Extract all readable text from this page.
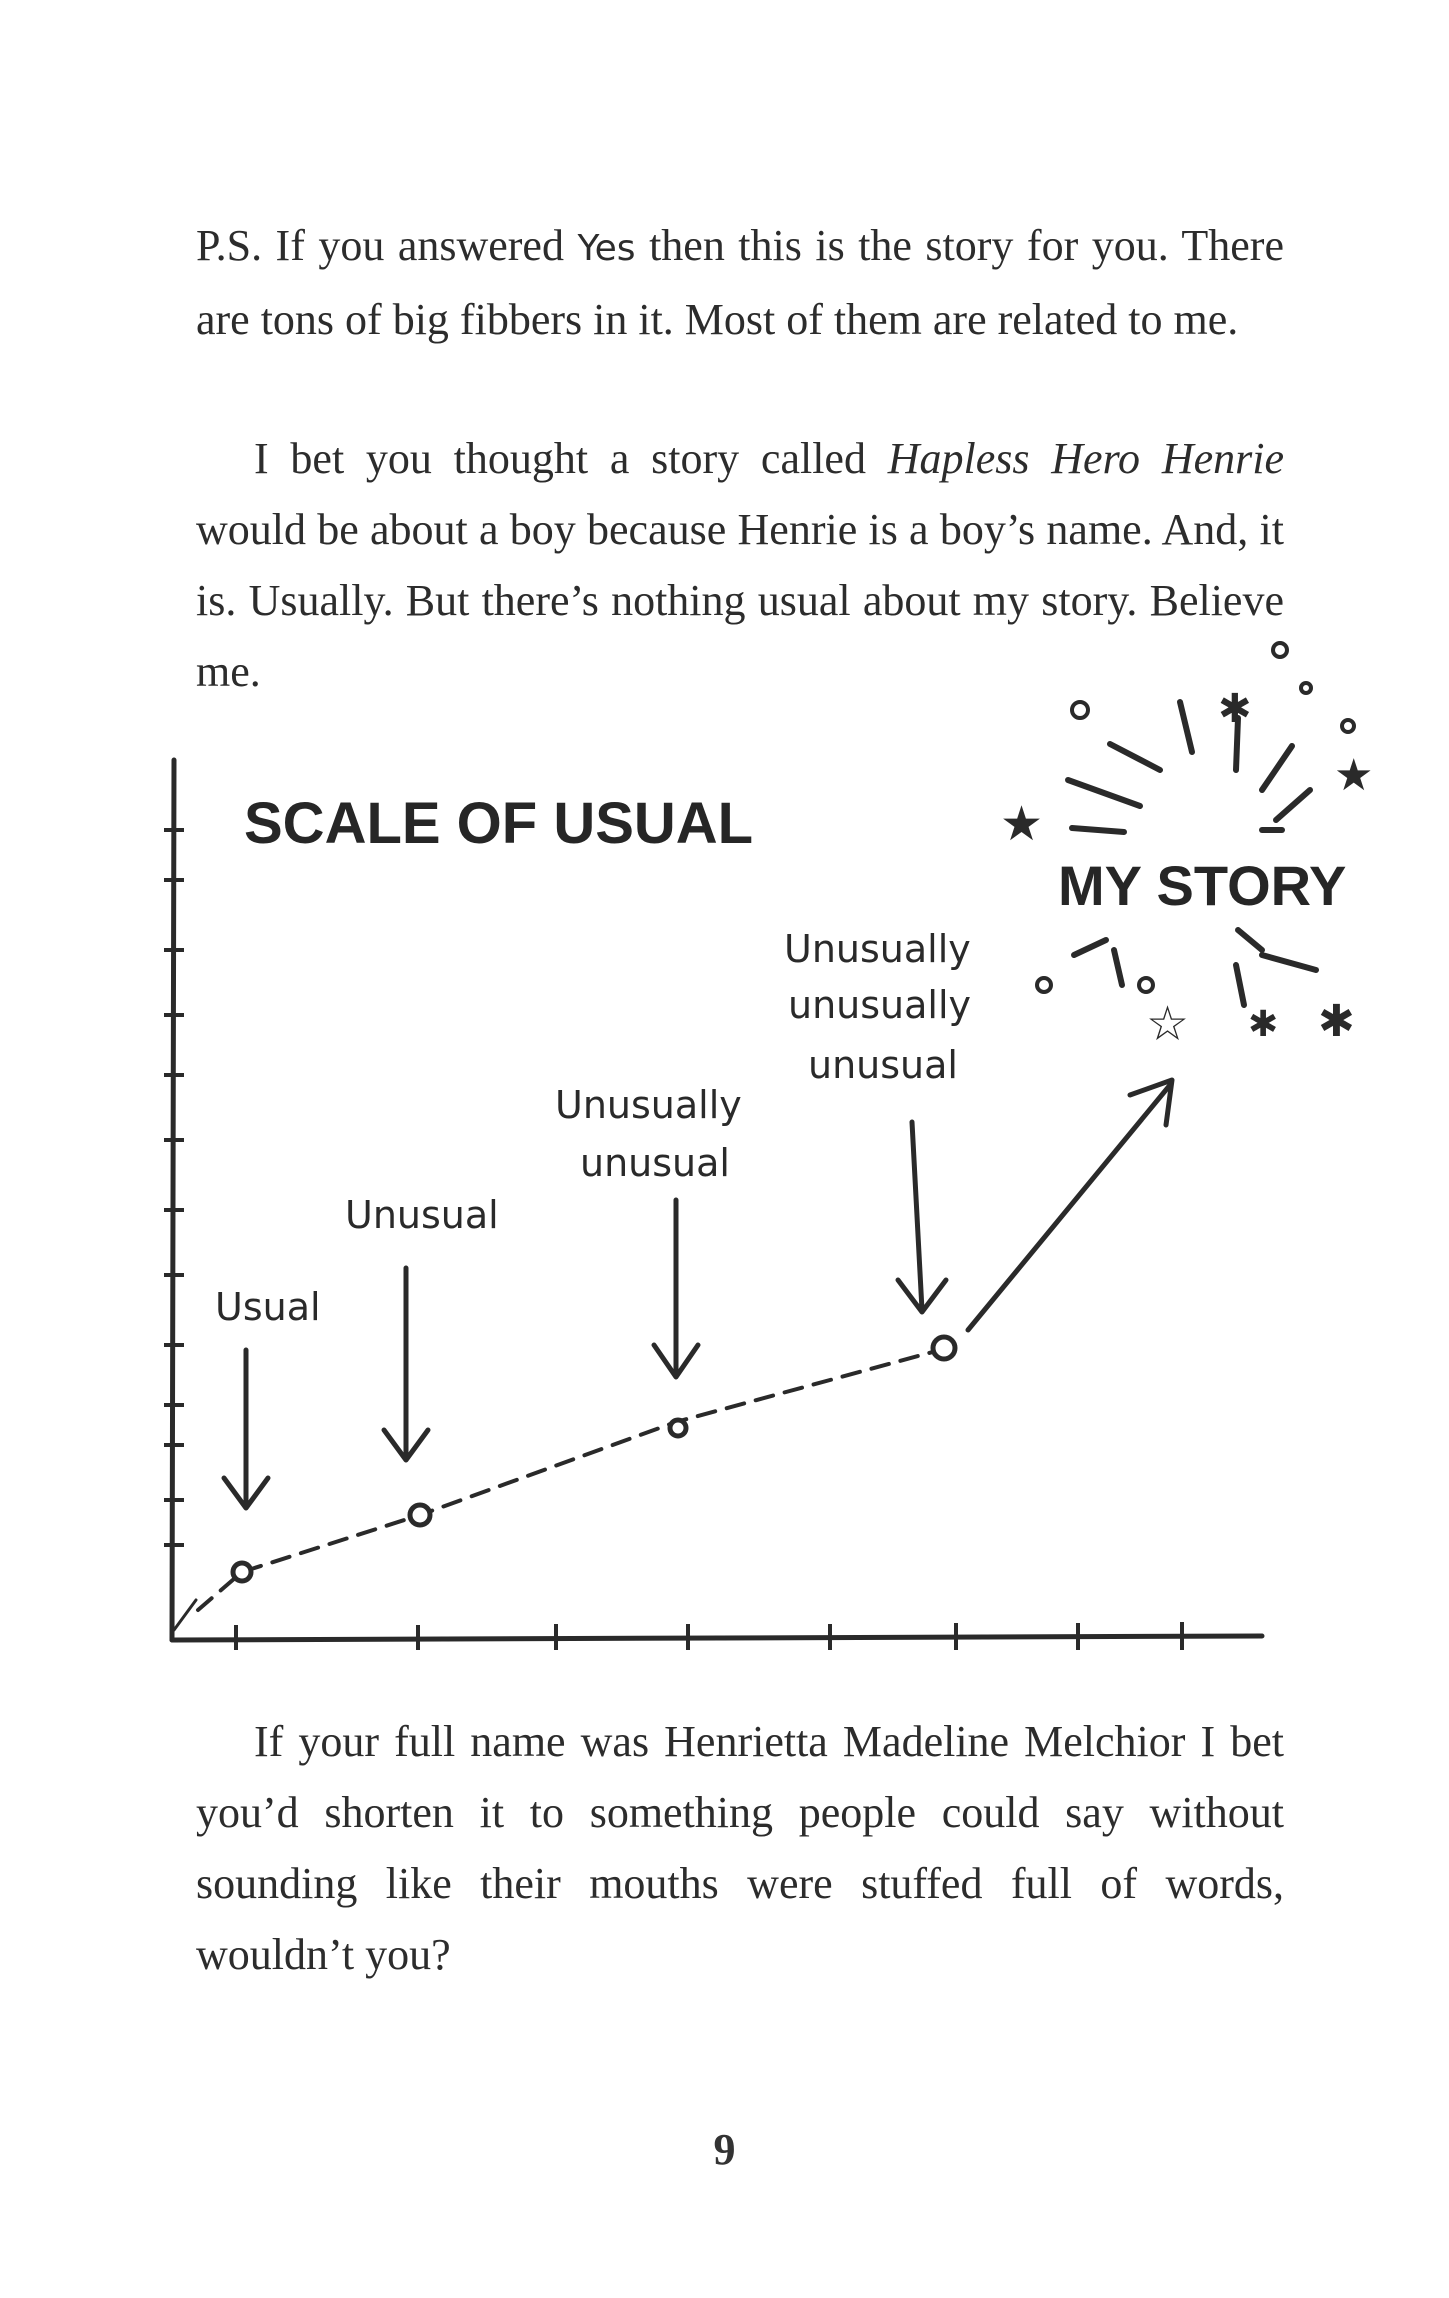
P.S. If you answered Yes then this is the story for you. There are tons of big fibbers in it. Most of them are related to me.

I bet you thought a story called Hapless Hero Henrie would be about a boy because Henrie is a boy’s name. And, it is. Usually. But there’s nothing usual about my story. Believe me.

SCALE OF USUAL
Usual
Unusual
Unusually
unusual
Unusually
unusually
unusual
MY STORY
★
★
✱
☆ ✱ ✱

If your full name was Henrietta Madeline Melchior I bet you’d shorten it to something people could say without sounding like their mouths were stuffed full of words, wouldn’t you?

9
